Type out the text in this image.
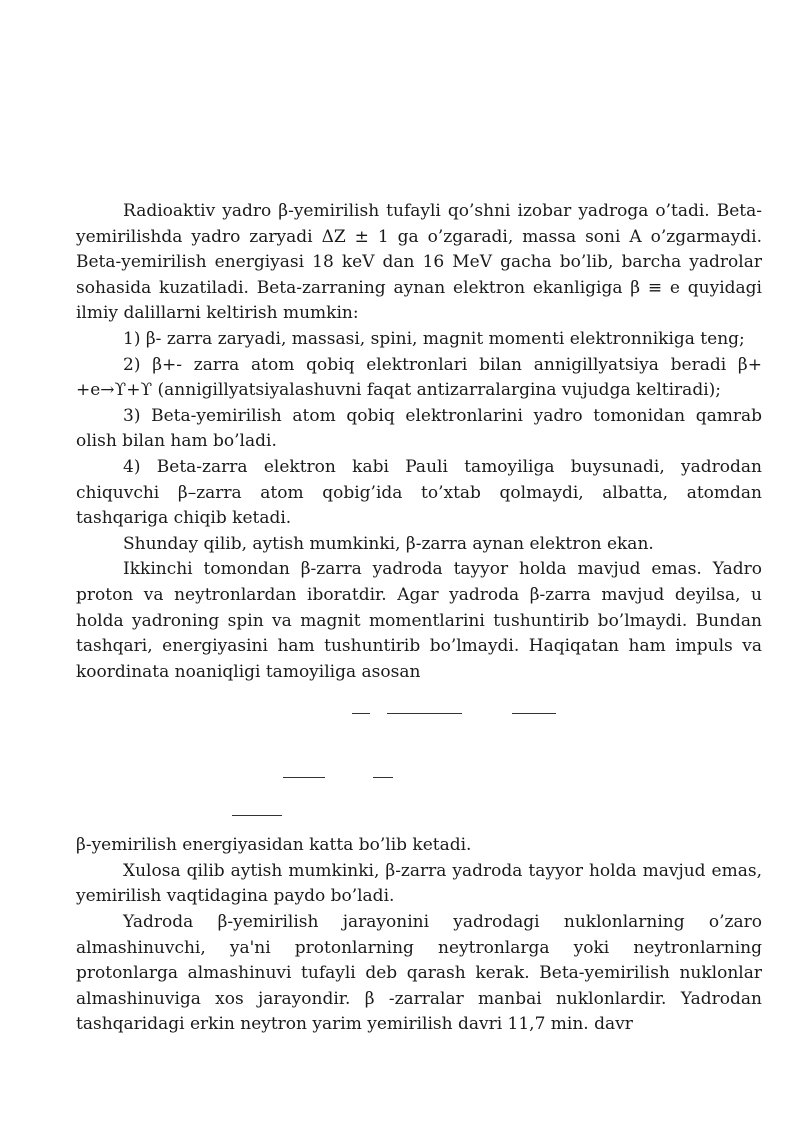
Radioaktiv yadro β-yemirilish tufayli qo’shni izobar yadroga o’tadi. Beta-yemirilishda yadro zaryadi ΔZ ± 1 ga o’zgaradi, massa soni A o’zgarmaydi. Beta-yemirilish energiyasi 18 keV dan 16 MeV gacha bo’lib, barcha yadrolar sohasida kuzatiladi. Beta-zarraning aynan elektron ekanligiga β ≡ e quyidagi ilmiy dalillarni keltirish mumkin:

1) β- zarra zaryadi, massasi, spini, magnit momenti elektronnikiga teng;

2) β+- zarra atom qobiq elektronlari bilan annigillyatsiya beradi β+ +e→ϒ+ϒ (annigillyatsiyalashuvni faqat antizarralargina vujudga keltiradi);

3) Beta-yemirilish atom qobiq elektronlarini yadro tomonidan qamrab olish bilan ham bo’ladi.

4) Beta-zarra elektron kabi Pauli tamoyiliga buysunadi, yadrodan chiquvchi β–zarra atom qobig’ida to’xtab qolmaydi, albatta, atomdan tashqariga chiqib ketadi.

Shunday qilib, aytish mumkinki, β-zarra aynan elektron ekan.

Ikkinchi tomondan β-zarra yadroda tayyor holda mavjud emas. Yadro proton va neytronlardan iboratdir. Agar yadroda β-zarra mavjud deyilsa, u holda yadroning spin va magnit momentlarini tushuntirib bo’lmaydi. Bundan tashqari, energiyasini ham tushuntirib bo’lmaydi. Haqiqatan ham impuls va koordinata noaniqligi tamoyiliga asosan

β-yemirilish energiyasidan katta bo’lib ketadi.

Xulosa qilib aytish mumkinki, β-zarra yadroda tayyor holda mavjud emas, yemirilish vaqtidagina paydo bo’ladi.

Yadroda β-yemirilish jarayonini yadrodagi nuklonlarning o’zaro almashinuvchi, ya'ni protonlarning neytronlarga yoki neytronlarning protonlarga almashinuvi tufayli deb qarash kerak. Beta-yemirilish nuklonlar almashinuviga xos jarayondir. β -zarralar manbai nuklonlardir. Yadrodan tashqaridagi erkin neytron yarim yemirilish davri 11,7 min. davr
